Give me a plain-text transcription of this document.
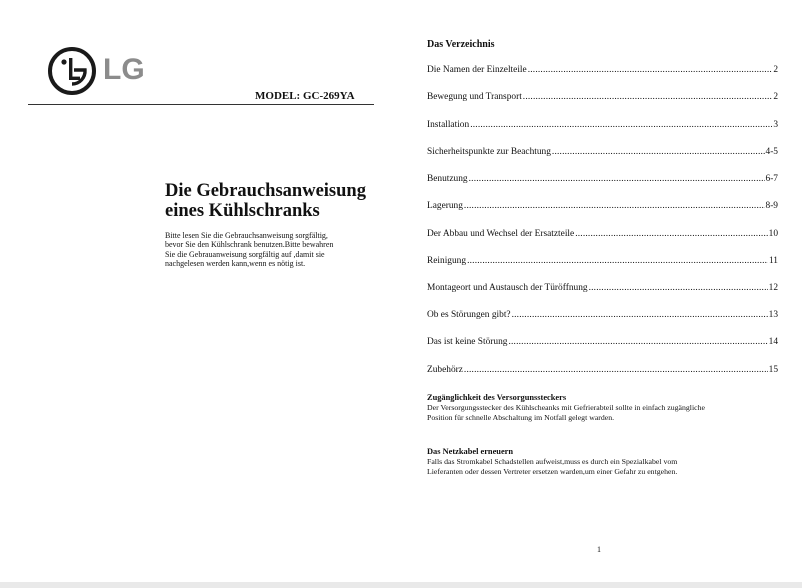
LG
MODEL: GC-269YA
Die Gebrauchsanweisung
eines Kühlschranks
Bitte lesen Sie die Gebrauchsanweisung sorgfältig,
bevor Sie den Kühlschrank benutzen.Bitte bewahren
Sie die Gebrauanweisung sorgfältig auf ,damit sie
nachgelesen werden kann,wenn es nötig ist.
Das Verzeichnis
Die Namen der Einzelteile .....	2
Bewegung und Transport .....	2
Installation .....	3
Sicherheitspunkte zur Beachtung .....	4-5
Benutzung .....	6-7
Lagerung .....	8-9
Der Abbau und Wechsel der Ersatzteile .....	10
Reinigung .....	11
Montageort und Austausch der Türöffnung .....	12
Ob es Störungen gibt? .....	13
Das ist keine Störung .....	14
Zubehörz .....	15
Zugänglichkeit des Versorgunssteckers
Der Versorgungsstecker des Kühlscheanks mit Gefrierabteil sollte in einfach zugängliche
Position für schnelle Abschaltung im Notfall gelegt warden.
Das Netzkabel erneuern
Falls das Stromkabel Schadstellen aufweist,muss es durch ein Spezialkabel vom
Lieferanten oder dessen Vertreter ersetzen warden,um einer Gefahr zu entgehen.
1
